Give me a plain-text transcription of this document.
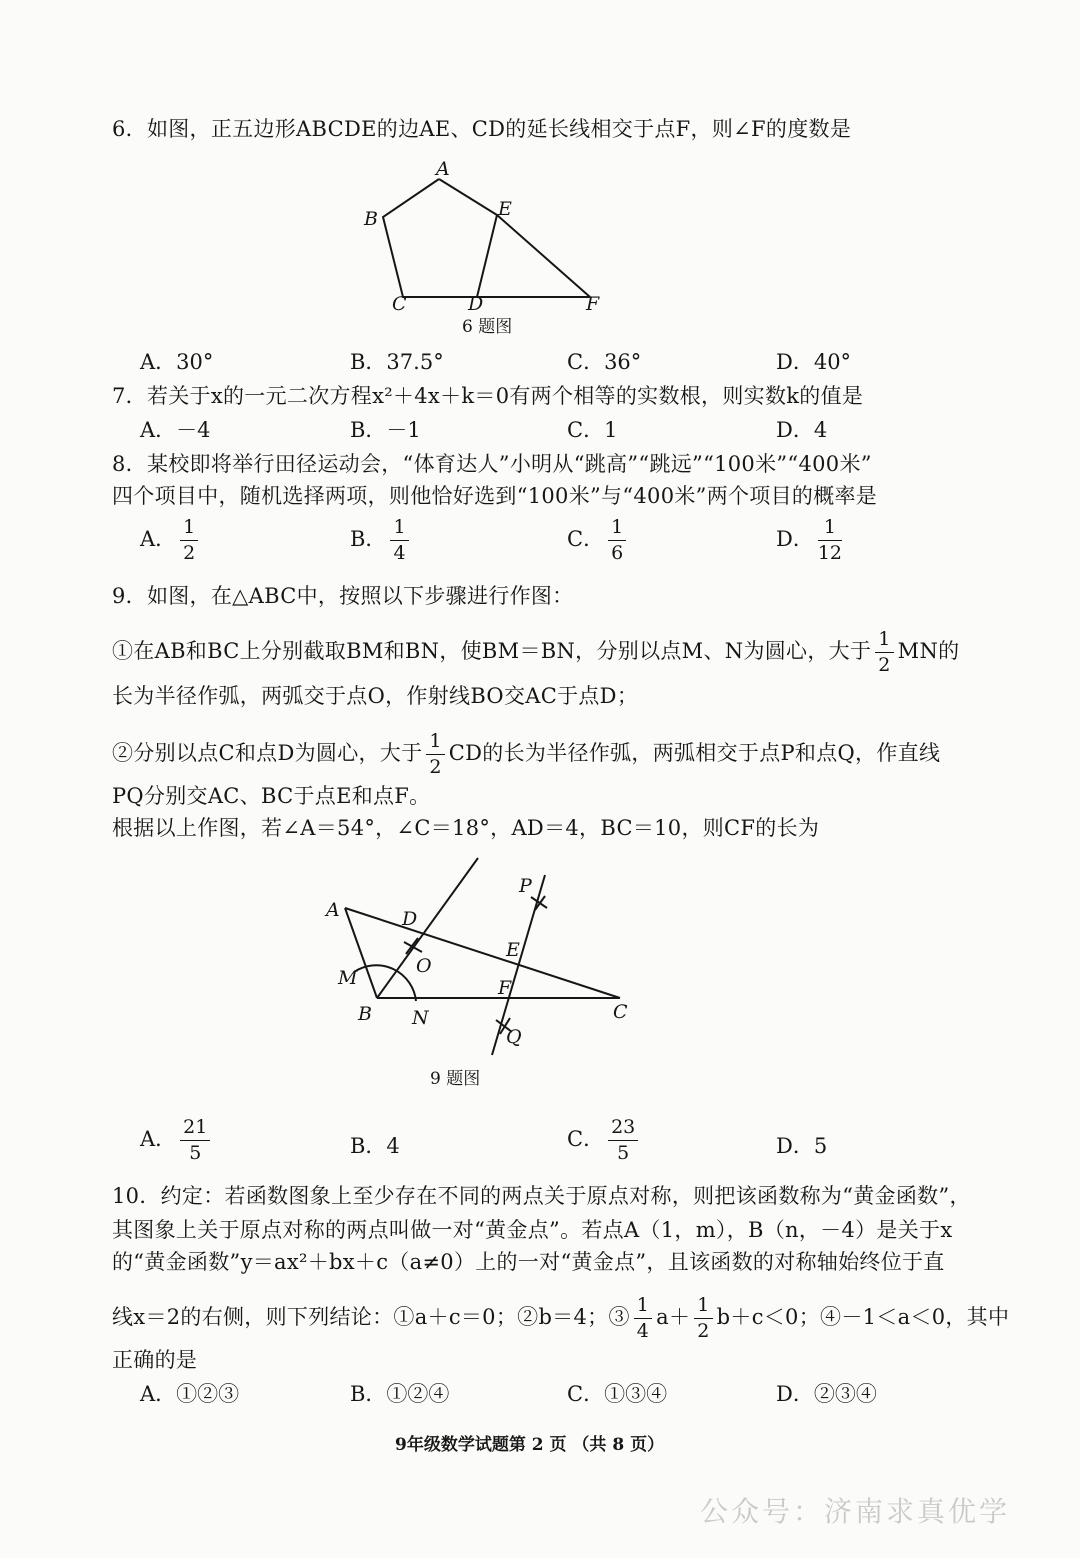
6．如图，正五边形ABCDE的边AE、CD的延长线相交于点F，则∠F的度数是
A
B	E
C	D	F
6 题图
A．30°	B．37.5°	C．36°	D．40°
7．若关于x的一元二次方程x²＋4x＋k＝0有两个相等的实数根，则实数k的值是
A．－4	B．－1	C．1	D．4
8．某校即将举行田径运动会，“体育达人”小明从“跳高”“跳远”“100米”“400米”
四个项目中，随机选择两项，则他恰好选到“100米”与“400米”两个项目的概率是
A． $\frac{1}{2}$	B． $\frac{1}{4}$	C． $\frac{1}{6}$	D． $\frac{1}{12}$
9．如图，在△ABC中，按照以下步骤进行作图：
①在AB和BC上分别截取BM和BN，使BM＝BN，分别以点M、N为圆心，大于 $\frac{1}{2}$ MN的
长为半径作弧，两弧交于点O，作射线BO交AC于点D；
②分别以点C和点D为圆心，大于 $\frac{1}{2}$ CD的长为半径作弧，两弧相交于点P和点Q，作直线
PQ分别交AC、BC于点E和点F。
根据以上作图，若∠A＝54°，∠C＝18°，AD＝4，BC＝10，则CF的长为
A	D
O
M
B N
P
E
F
Q
C
9 题图
A． $\frac{21}{5}$	B．4	C． $\frac{23}{5}$	D．5
10．约定：若函数图象上至少存在不同的两点关于原点对称，则把该函数称为“黄金函数”，
其图象上关于原点对称的两点叫做一对“黄金点”。若点A（1，m），B（n，－4）是关于x
的“黄金函数”y＝ax²＋bx＋c（a≠0）上的一对“黄金点”，且该函数的对称轴始终位于直
线x＝2的右侧，则下列结论：①a＋c＝0；②b＝4；③ $\frac{1}{4} a+ \frac{1}{2} b+c<0$；④－1＜a＜0，其中
正确的是
A．①②③	B．①②④	C．①③④	D．②③④
9年级数学试题第 2 页 （共 8 页）
公众号：济南求真优学
